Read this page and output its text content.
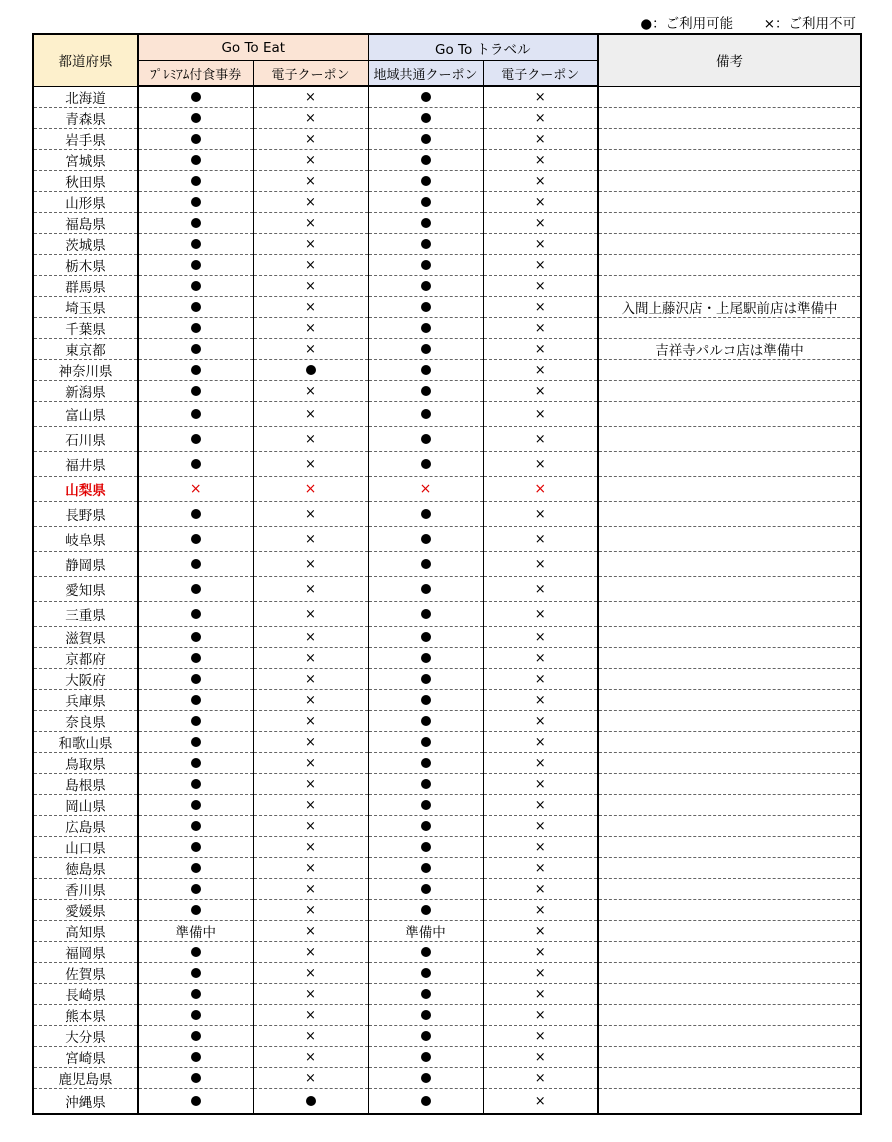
●：ご利用可能 ×：ご利用不可
都道府県	Go To Eat		Go To トラベル		備考
	ﾌﾟﾚﾐｱﾑ付食事券	電子クーポン	地域共通クーポン	電子クーポン	
北海道		×		×	
青森県		×		×	
岩手県		×		×	
宮城県		×		×	
秋田県		×		×	
山形県		×		×	
福島県		×		×	
茨城県		×		×	
栃木県		×		×	
群馬県		×		×	
埼玉県		×		×	入間上藤沢店・上尾駅前店は準備中
千葉県		×		×	
東京都		×		×	吉祥寺パルコ店は準備中
神奈川県				×	
新潟県		×		×	
富山県		×		×	
石川県		×		×	
福井県		×		×	
山梨県	×	×	×	×	
長野県		×		×	
岐阜県		×		×	
静岡県		×		×	
愛知県		×		×	
三重県		×		×	
滋賀県		×		×	
京都府		×		×	
大阪府		×		×	
兵庫県		×		×	
奈良県		×		×	
和歌山県		×		×	
鳥取県		×		×	
島根県		×		×	
岡山県		×		×	
広島県		×		×	
山口県		×		×	
徳島県		×		×	
香川県		×		×	
愛媛県		×		×	
高知県	準備中	×	準備中	×	
福岡県		×		×	
佐賀県		×		×	
長崎県		×		×	
熊本県		×		×	
大分県		×		×	
宮崎県		×		×	
鹿児島県		×		×	
沖縄県				×	
